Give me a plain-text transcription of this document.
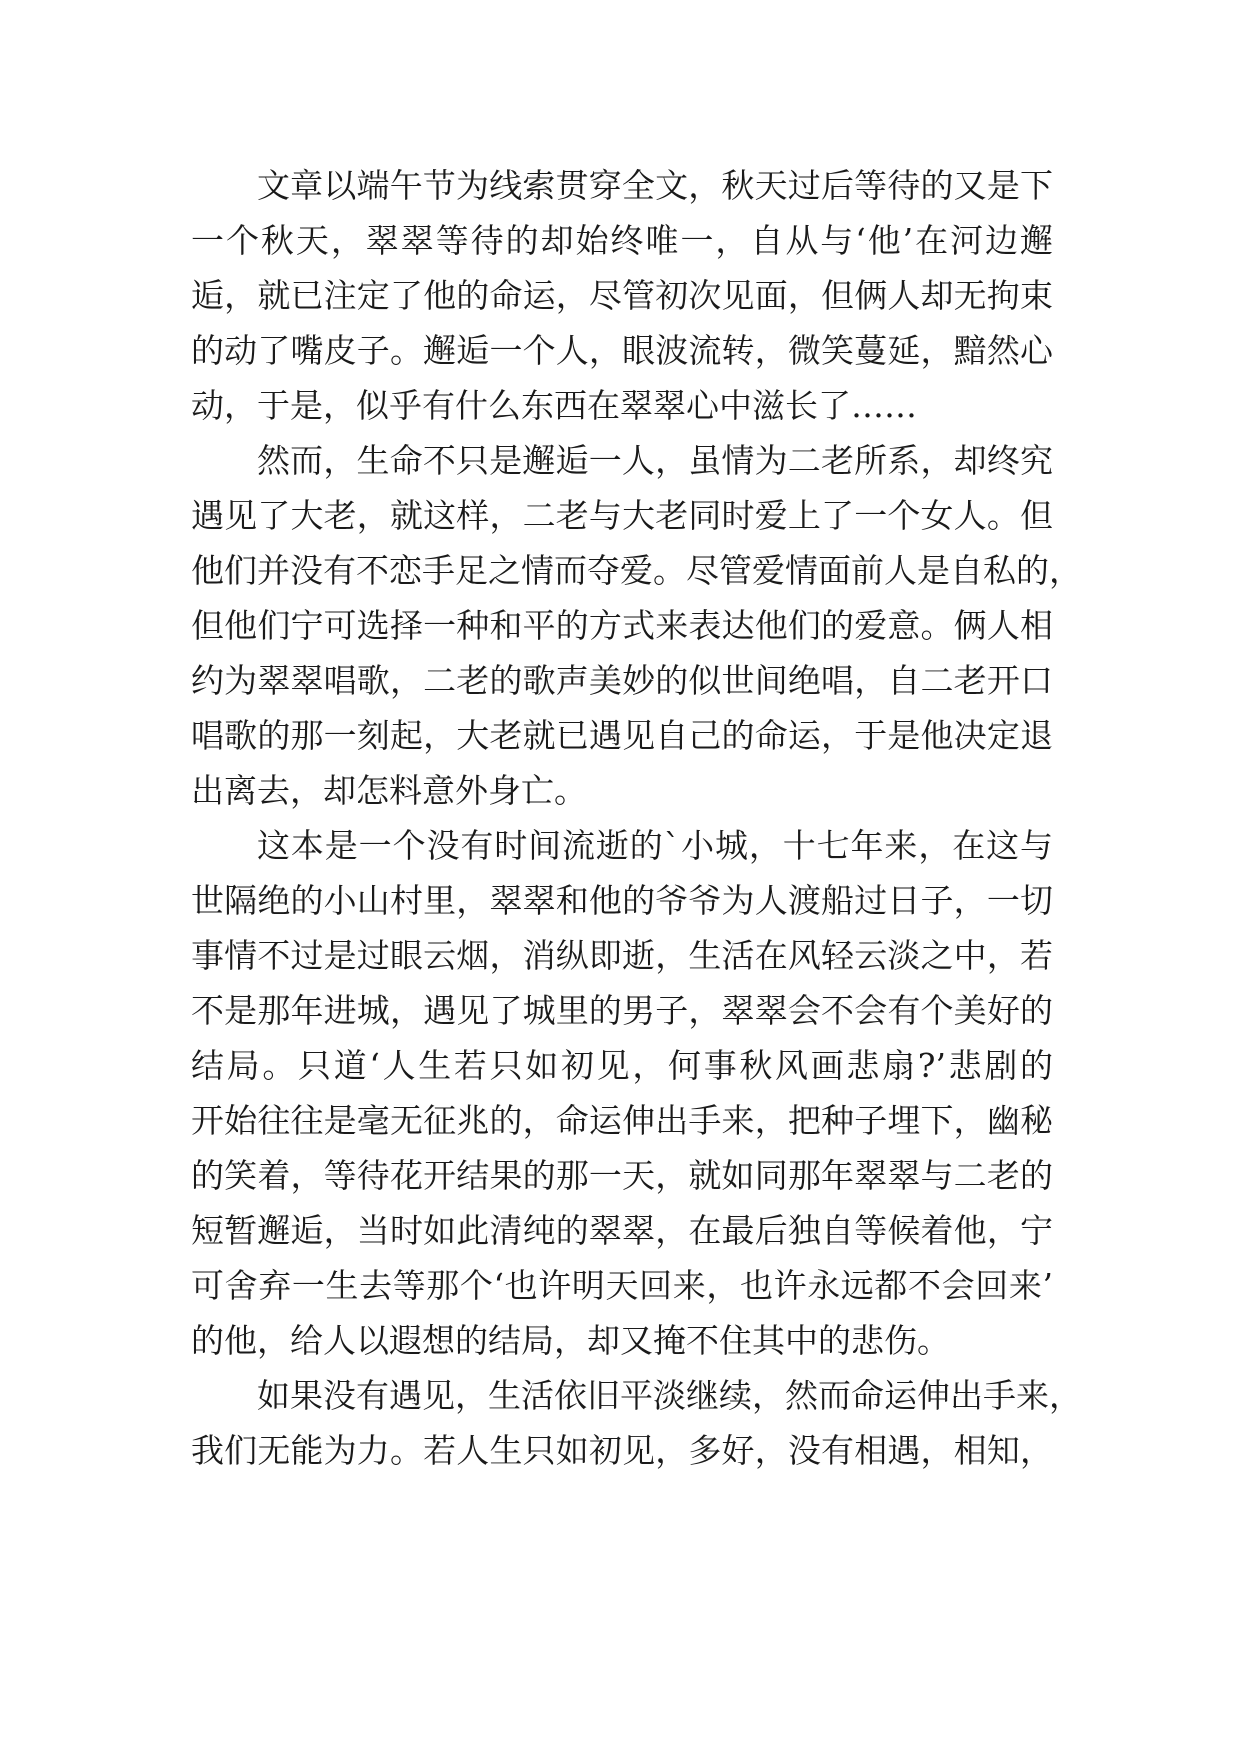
文章以端午节为线索贯穿全文，秋天过后等待的又是下
一个秋天，翠翠等待的却始终唯一，自从与‘他’在河边邂
逅，就已注定了他的命运，尽管初次见面，但俩人却无拘束
的动了嘴皮子。邂逅一个人，眼波流转，微笑蔓延，黯然心
动，于是，似乎有什么东西在翠翠心中滋长了……
然而，生命不只是邂逅一人，虽情为二老所系，却终究
遇见了大老，就这样，二老与大老同时爱上了一个女人。但
他们并没有不恋手足之情而夺爱。尽管爱情面前人是自私的，
但他们宁可选择一种和平的方式来表达他们的爱意。俩人相
约为翠翠唱歌，二老的歌声美妙的似世间绝唱，自二老开口
唱歌的那一刻起，大老就已遇见自己的命运，于是他决定退
出离去，却怎料意外身亡。
这本是一个没有时间流逝的`小城，十七年来，在这与
世隔绝的小山村里，翠翠和他的爷爷为人渡船过日子，一切
事情不过是过眼云烟，消纵即逝，生活在风轻云淡之中，若
不是那年进城，遇见了城里的男子，翠翠会不会有个美好的
结局。只道‘人生若只如初见，何事秋风画悲扇?’悲剧的
开始往往是毫无征兆的，命运伸出手来，把种子埋下，幽秘
的笑着，等待花开结果的那一天，就如同那年翠翠与二老的
短暂邂逅，当时如此清纯的翠翠，在最后独自等候着他，宁
可舍弃一生去等那个‘也许明天回来，也许永远都不会回来’
的他，给人以遐想的结局，却又掩不住其中的悲伤。
如果没有遇见，生活依旧平淡继续，然而命运伸出手来，
我们无能为力。若人生只如初见，多好，没有相遇，相知，
